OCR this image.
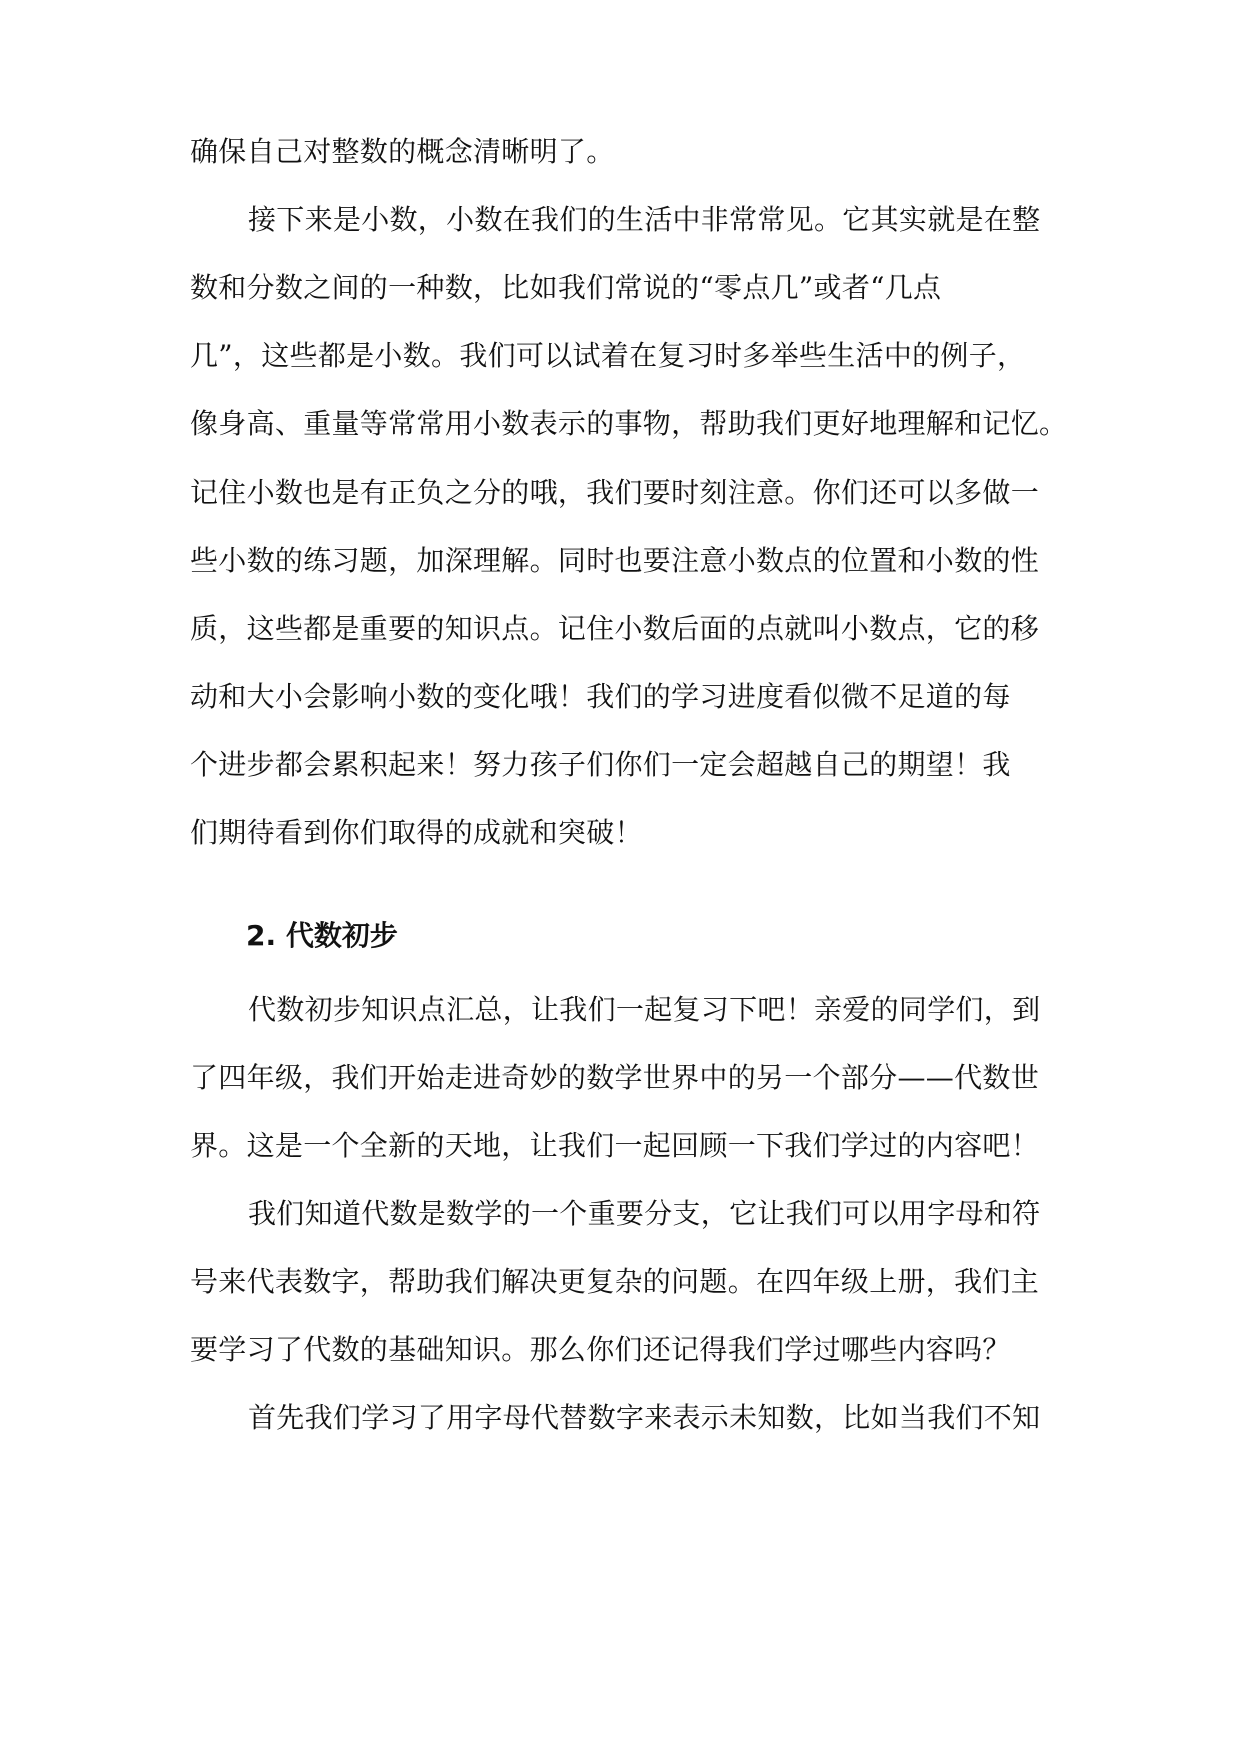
确保自己对整数的概念清晰明了。
接下来是小数，小数在我们的生活中非常常见。它其实就是在整
数和分数之间的一种数，比如我们常说的“零点几”或者“几点
几”，这些都是小数。我们可以试着在复习时多举些生活中的例子，
像身高、重量等常常用小数表示的事物，帮助我们更好地理解和记忆。
记住小数也是有正负之分的哦，我们要时刻注意。你们还可以多做一
些小数的练习题，加深理解。同时也要注意小数点的位置和小数的性
质，这些都是重要的知识点。记住小数后面的点就叫小数点，它的移
动和大小会影响小数的变化哦！我们的学习进度看似微不足道的每
个进步都会累积起来！努力孩子们你们一定会超越自己的期望！我
们期待看到你们取得的成就和突破！
2. 代数初步
代数初步知识点汇总，让我们一起复习下吧！亲爱的同学们，到
了四年级，我们开始走进奇妙的数学世界中的另一个部分——代数世
界。这是一个全新的天地，让我们一起回顾一下我们学过的内容吧！
我们知道代数是数学的一个重要分支，它让我们可以用字母和符
号来代表数字，帮助我们解决更复杂的问题。在四年级上册，我们主
要学习了代数的基础知识。那么你们还记得我们学过哪些内容吗？
首先我们学习了用字母代替数字来表示未知数，比如当我们不知
